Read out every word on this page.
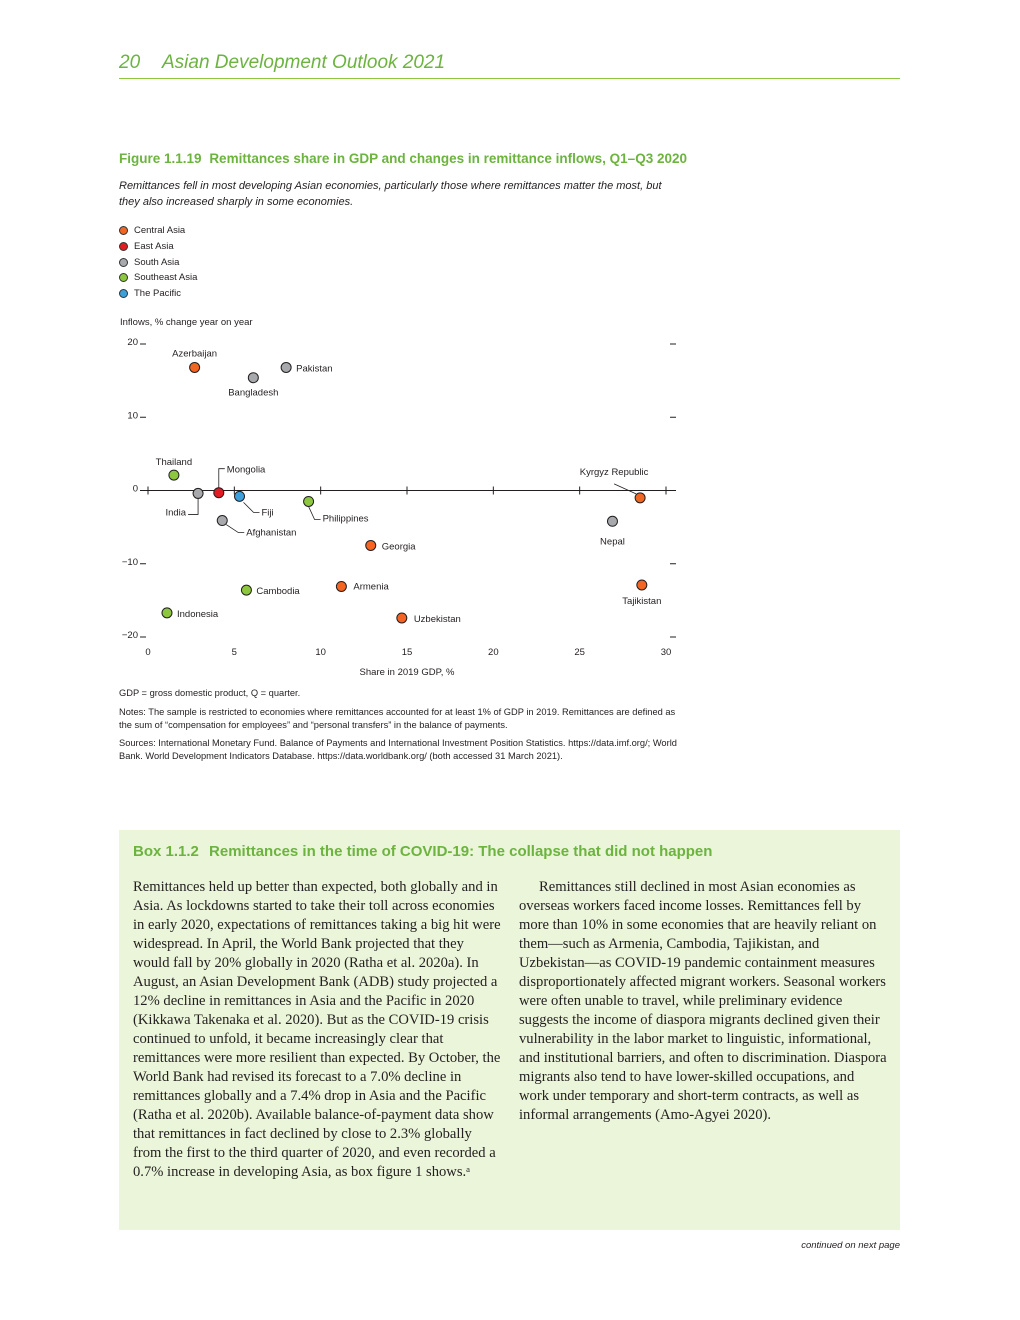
20 Asian Development Outlook 2021
Figure 1.1.19 Remittances share in GDP and changes in remittance inflows, Q1–Q3 2020
Remittances fell in most developing Asian economies, particularly those where remittances matter the most, but they also increased sharply in some economies.
Central Asia
East Asia
South Asia
Southeast Asia
The Pacific
Inflows, % change year on year
20
10
0
−10
−20
0	5	10	15	20	25	30
Share in 2019 GDP, %
Azerbaijan
Pakistan
Bangladesh
Thailand
Mongolia
India	Fiji
Philippines
Afghanistan
Kyrgyz Republic
Nepal
Georgia
Tajikistan
Armenia
Cambodia
Indonesia	Uzbekistan
GDP = gross domestic product, Q = quarter.
Notes: The sample is restricted to economies where remittances accounted for at least 1% of GDP in 2019. Remittances are defined as the sum of “compensation for employees” and “personal transfers” in the balance of payments.
Sources: International Monetary Fund. Balance of Payments and International Investment Position Statistics. https://data.imf.org/; World Bank. World Development Indicators Database. https://data.worldbank.org/ (both accessed 31 March 2021).
Box 1.1.2 Remittances in the time of COVID-19: The collapse that did not happen
Remittances held up better than expected, both globally and in Asia. As lockdowns started to take their toll across economies in early 2020, expectations of remittances taking a big hit were widespread. In April, the World Bank projected that they would fall by 20% globally in 2020 (Ratha et al. 2020a). In August, an Asian Development Bank (ADB) study projected a 12% decline in remittances in Asia and the Pacific in 2020 (Kikkawa Takenaka et al. 2020). But as the COVID-19 crisis continued to unfold, it became increasingly clear that remittances were more resilient than expected. By October, the World Bank had revised its forecast to a 7.0% decline in remittances globally and a 7.4% drop in Asia and the Pacific (Ratha et al. 2020b). Available balance-of-payment data show that remittances in fact declined by close to 2.3% globally from the first to the third quarter of 2020, and even recorded a 0.7% increase in developing Asia, as box figure 1 shows.ᵃ
Remittances still declined in most Asian economies as overseas workers faced income losses. Remittances fell by more than 10% in some economies that are heavily reliant on them—such as Armenia, Cambodia, Tajikistan, and Uzbekistan—as COVID-19 pandemic containment measures disproportionately affected migrant workers. Seasonal workers were often unable to travel, while preliminary evidence suggests the income of diaspora migrants declined given their vulnerability in the labor market to linguistic, informational, and institutional barriers, and often to discrimination. Diaspora migrants also tend to have lower-skilled occupations, and work under temporary and short-term contracts, as well as informal arrangements (Amo-Agyei 2020).
continued on next page
